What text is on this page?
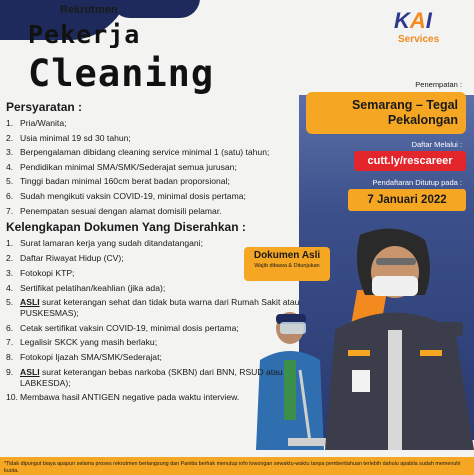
Rekrutmen
Pekerja
Cleaning
KAI
Services
Dokumen Asli
Wajib dibawa & Ditunjukan
Penempatan :
Semarang – Tegal
Pekalongan
Daftar Melalui :
cutt.ly/rescareer
Pendaftaran Ditutup pada :
7 Januari 2022
Persyaratan :
1. Pria/Wanita;
2. Usia minimal 19 sd 30 tahun;
3. Berpengalaman dibidang cleaning service minimal 1 (satu) tahun;
4. Pendidikan minimal SMA/SMK/Sederajat semua jurusan;
5. Tinggi badan minimal 160cm berat badan proporsional;
6. Sudah mengikuti vaksin COVID-19, minimal dosis pertama;
7. Penempatan sesuai dengan alamat domisili pelamar.
Kelengkapan Dokumen Yang Diserahkan :
1. Surat lamaran kerja yang sudah ditandatangani;
2. Daftar Riwayat Hidup (CV);
3. Fotokopi KTP;
4. Sertifikat pelatihan/keahlian (jika ada);
5. ASLI surat keterangan sehat dan tidak buta warna dari Rumah Sakit atau PUSKESMAS);
6. Cetak sertifikat vaksin COVID-19, minimal dosis pertama;
7. Legalisir SKCK yang masih berlaku;
8. Fotokopi Ijazah SMA/SMK/Sederajat;
9. ASLI surat keterangan bebas narkoba (SKBN) dari BNN, RSUD atau LABKESDA);
10. Membawa hasil ANTIGEN negative pada waktu interview.
*Tidak dipungut biaya apapun selama proses rekrutmen berlangsung dan Panitia berhak menutup info lowongan sewaktu-waktu tanpa pemberitahuan terlebih dahulu apabila sudah memenuhi kuota.
